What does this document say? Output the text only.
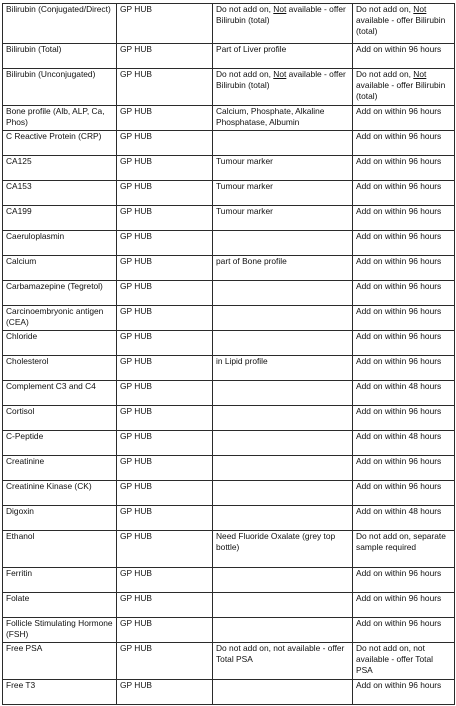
Bilirubin (Conjugated/Direct)	GP HUB	Do not add on, Not available - offer Bilirubin (total)	Do not add on, Not available - offer Bilirubin (total)
Bilirubin (Total)	GP HUB	Part of Liver profile	Add on within 96 hours
Bilirubin (Unconjugated)	GP HUB	Do not add on, Not available - offer Bilirubin (total)	Do not add on, Not available - offer Bilirubin (total)
Bone profile (Alb, ALP, Ca, Phos)	GP HUB	Calcium, Phosphate, Alkaline Phosphatase, Albumin	Add on within 96 hours
C Reactive Protein (CRP)	GP HUB		Add on within 96 hours
CA125	GP HUB	Tumour marker	Add on within 96 hours
CA153	GP HUB	Tumour marker	Add on within 96 hours
CA199	GP HUB	Tumour marker	Add on within 96 hours
Caeruloplasmin	GP HUB		Add on within 96 hours
Calcium	GP HUB	part of Bone profile	Add on within 96 hours
Carbamazepine (Tegretol)	GP HUB		Add on within 96 hours
Carcinoembryonic antigen (CEA)	GP HUB		Add on within 96 hours
Chloride	GP HUB		Add on within 96 hours
Cholesterol	GP HUB	in Lipid profile	Add on within 96 hours
Complement C3 and C4	GP HUB		Add on within 48 hours
Cortisol	GP HUB		Add on within 96 hours
C-Peptide	GP HUB		Add on within 48 hours
Creatinine	GP HUB		Add on within 96 hours
Creatinine Kinase (CK)	GP HUB		Add on within 96 hours
Digoxin	GP HUB		Add on within 48 hours
Ethanol	GP HUB	Need Fluoride Oxalate (grey top bottle)	Do not add on, separate sample required
Ferritin	GP HUB		Add on within 96 hours
Folate	GP HUB		Add on within 96 hours
Follicle Stimulating Hormone (FSH)	GP HUB		Add on within 96 hours
Free PSA	GP HUB	Do not add on, not available - offer Total PSA	Do not add on, not available - offer Total PSA
Free T3	GP HUB		Add on within 96 hours
